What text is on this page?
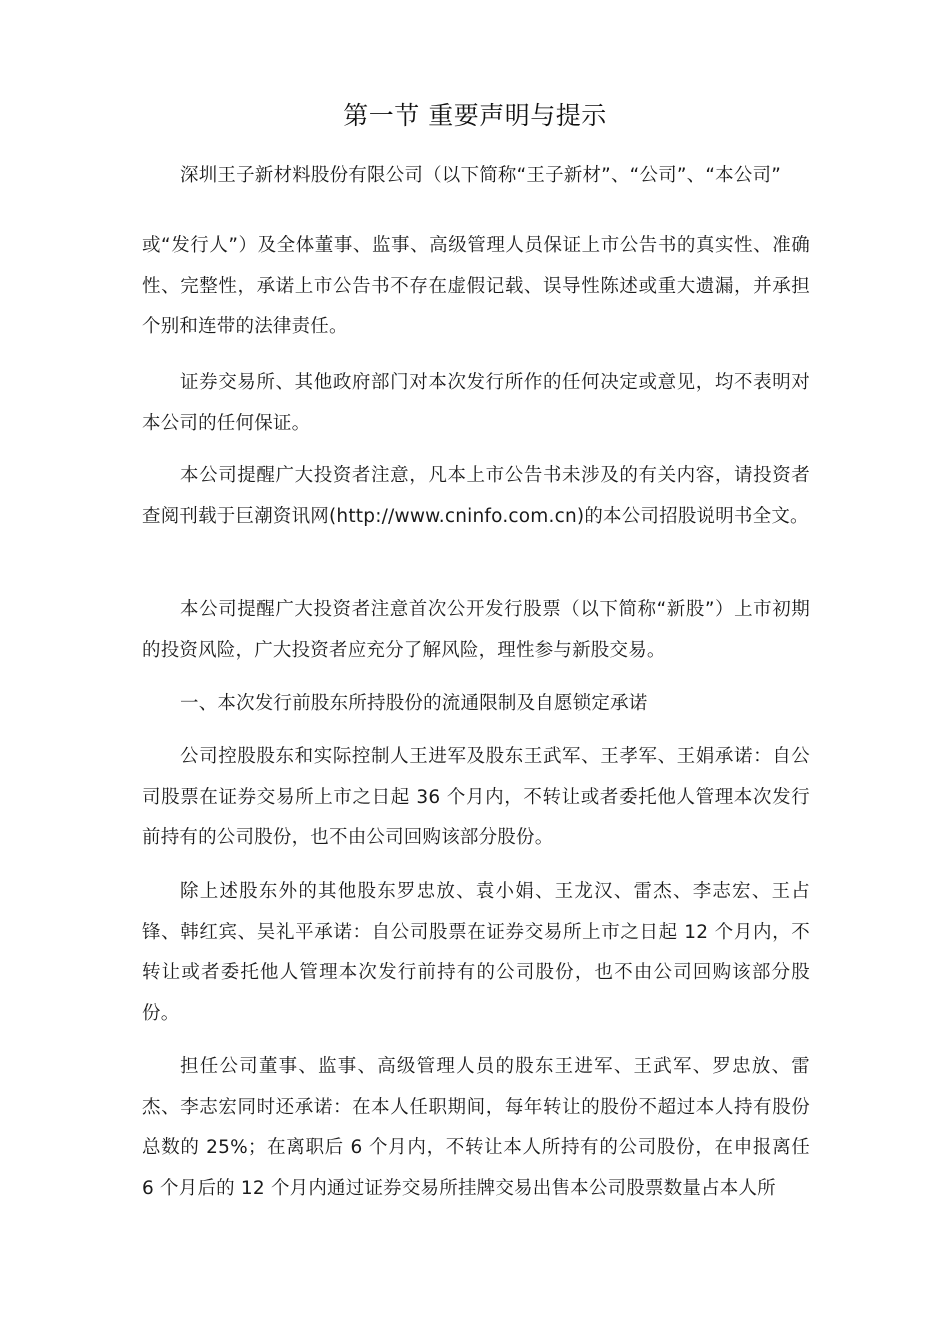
第一节 重要声明与提示

深圳王子新材料股份有限公司（以下简称“王子新材”、“公司”、“本公司”

或“发行人”）及全体董事、监事、高级管理人员保证上市公告书的真实性、准确性、完整性，承诺上市公告书不存在虚假记载、误导性陈述或重大遗漏，并承担个别和连带的法律责任。

证券交易所、其他政府部门对本次发行所作的任何决定或意见，均不表明对本公司的任何保证。

本公司提醒广大投资者注意，凡本上市公告书未涉及的有关内容，请投资者查阅刊载于巨潮资讯网(http://www.cninfo.com.cn)的本公司招股说明书全文。

本公司提醒广大投资者注意首次公开发行股票（以下简称“新股”）上市初期的投资风险，广大投资者应充分了解风险，理性参与新股交易。

一、本次发行前股东所持股份的流通限制及自愿锁定承诺

公司控股股东和实际控制人王进军及股东王武军、王孝军、王娟承诺：自公司股票在证券交易所上市之日起 36 个月内，不转让或者委托他人管理本次发行前持有的公司股份，也不由公司回购该部分股份。

除上述股东外的其他股东罗忠放、袁小娟、王龙汉、雷杰、李志宏、王占锋、韩红宾、吴礼平承诺：自公司股票在证券交易所上市之日起 12 个月内，不转让或者委托他人管理本次发行前持有的公司股份，也不由公司回购该部分股份。

担任公司董事、监事、高级管理人员的股东王进军、王武军、罗忠放、雷杰、李志宏同时还承诺：在本人任职期间，每年转让的股份不超过本人持有股份总数的 25%；在离职后 6 个月内，不转让本人所持有的公司股份，在申报离任 6 个月后的 12 个月内通过证券交易所挂牌交易出售本公司股票数量占本人所
